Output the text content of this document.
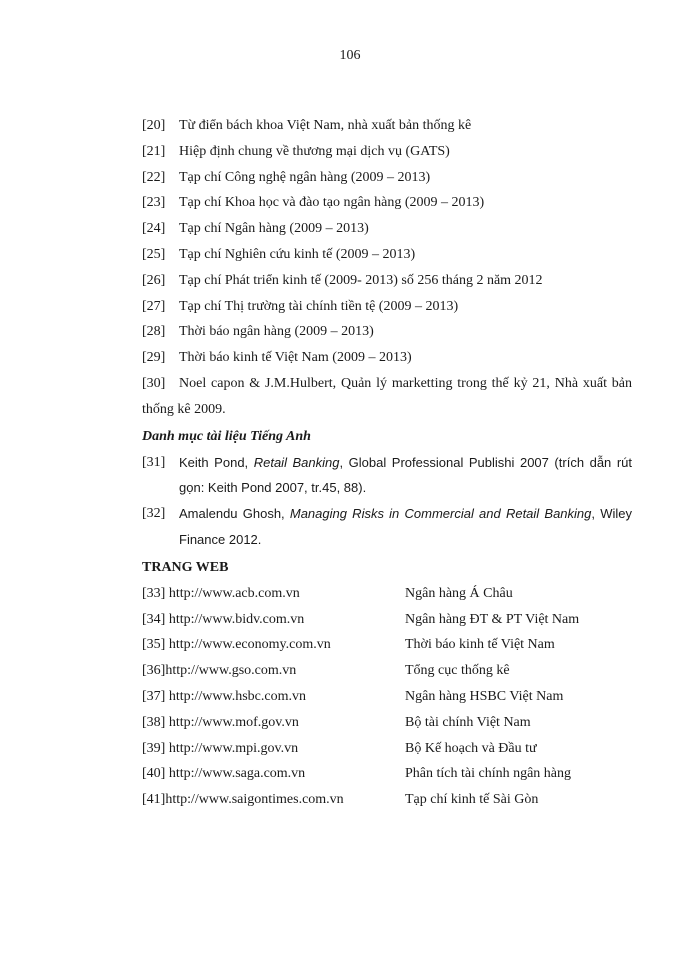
106
[20] Từ điển bách khoa Việt Nam, nhà xuất bản thống kê
[21] Hiệp định chung về thương mại dịch vụ (GATS)
[22] Tạp chí Công nghệ ngân hàng (2009 – 2013)
[23] Tạp chí Khoa học và đào tạo ngân hàng (2009 – 2013)
[24] Tạp chí Ngân hàng (2009 – 2013)
[25] Tạp chí Nghiên cứu kinh tế (2009 – 2013)
[26] Tạp chí Phát triển kinh tế (2009- 2013) số 256 tháng 2 năm 2012
[27] Tạp chí Thị trường tài chính tiền tệ (2009 – 2013)
[28] Thời báo ngân hàng (2009 – 2013)
[29] Thời báo kinh tế Việt Nam (2009 – 2013)
[30] Noel capon & J.M.Hulbert, Quản lý marketting trong thế kỷ 21, Nhà xuất bản thống kê 2009.
Danh mục tài liệu Tiếng Anh
[31]	Keith Pond, Retail Banking, Global Professional Publishi 2007 (trích dẫn rút gọn: Keith Pond 2007, tr.45, 88).
[32]	Amalendu Ghosh, Managing Risks in Commercial and Retail Banking, Wiley Finance 2012.
TRANG WEB
[33] http://www.acb.com.vn	Ngân hàng Á Châu
[34] http://www.bidv.com.vn	Ngân hàng ĐT & PT Việt Nam
[35] http://www.economy.com.vn	Thời báo kinh tế Việt Nam
[36]http://www.gso.com.vn	Tổng cục thống kê
[37] http://www.hsbc.com.vn	Ngân hàng HSBC Việt Nam
[38] http://www.mof.gov.vn	Bộ tài chính Việt Nam
[39] http://www.mpi.gov.vn	Bộ Kế hoạch và Đầu tư
[40] http://www.saga.com.vn	Phân tích tài chính ngân hàng
[41]http://www.saigontimes.com.vn	Tạp chí kinh tế Sài Gòn
